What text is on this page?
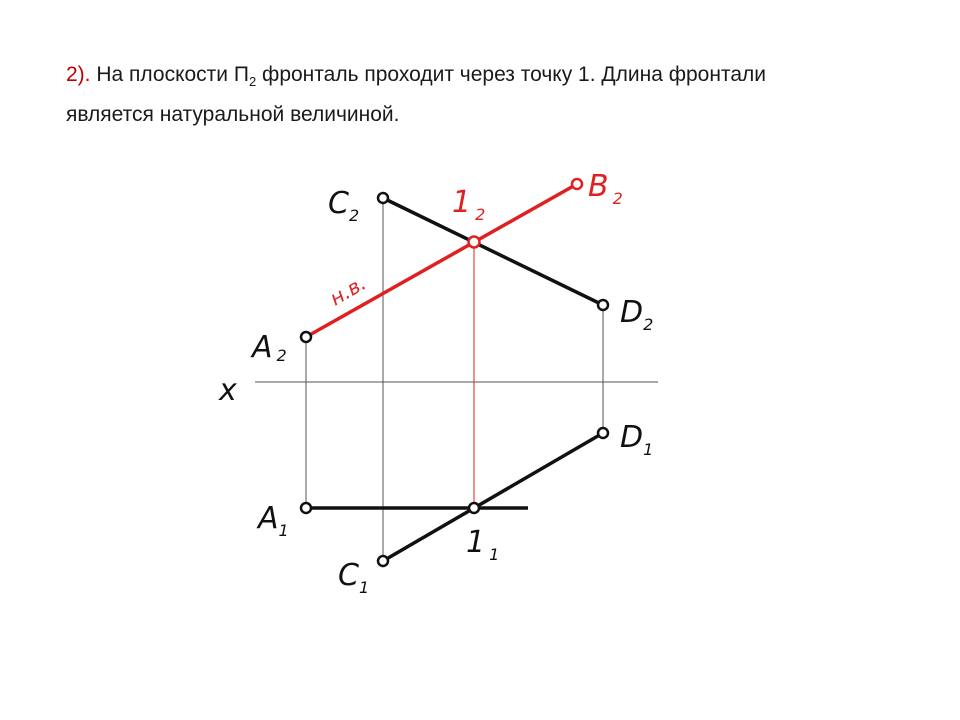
2). На плоскости $П_2$ фронталь проходит через точку 1. Длина фронтали
является натуральной величиной.
$C_2$	1 $_2$
B $_2$
$D_2$
A 2
x
$D_1$
$A_1$	1 $_1$
$C_1$
н.в.
